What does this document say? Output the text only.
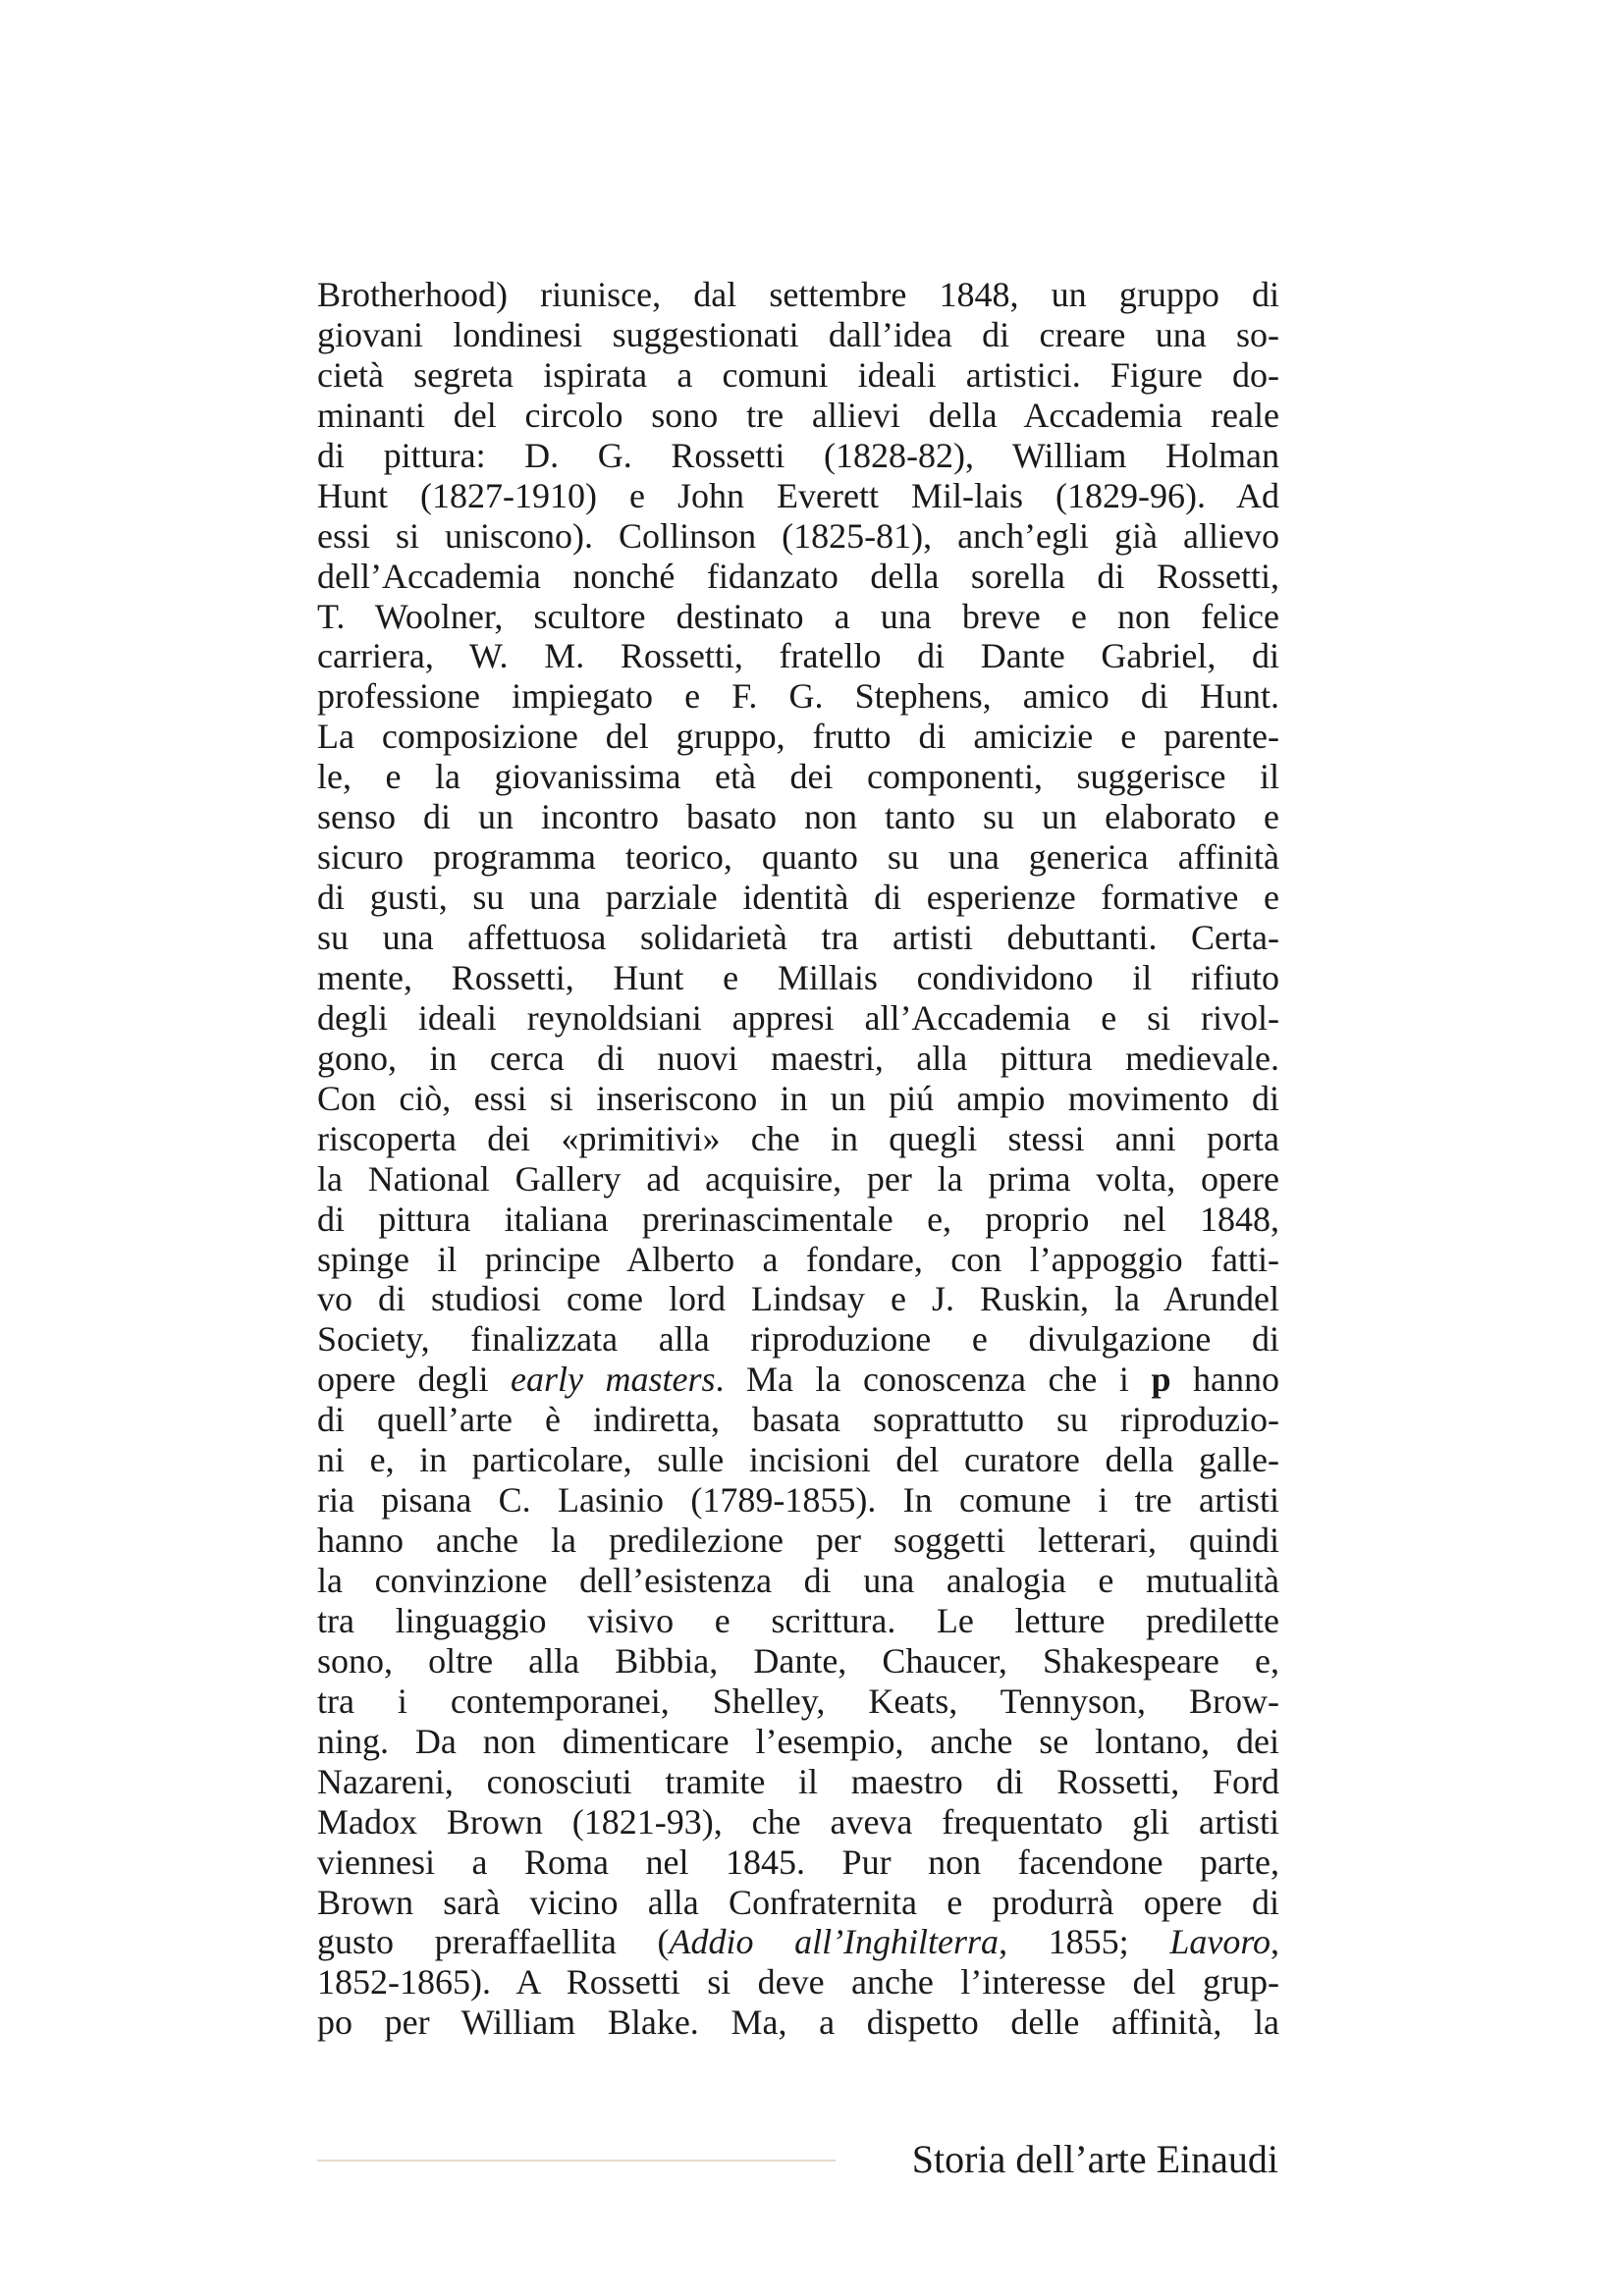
Brotherhood) riunisce, dal settembre 1848, un gruppo di
giovani londinesi suggestionati dall’idea di creare una so-
cietà segreta ispirata a comuni ideali artistici. Figure do-
minanti del circolo sono tre allievi della Accademia reale
di pittura: D. G. Rossetti (1828-82), William Holman
Hunt (1827-1910) e John Everett Mil-lais (1829-96). Ad
essi si uniscono). Collinson (1825-81), anch’egli già allievo
dell’Accademia nonché fidanzato della sorella di Rossetti,
T. Woolner, scultore destinato a una breve e non felice
carriera, W. M. Rossetti, fratello di Dante Gabriel, di
professione impiegato e F. G. Stephens, amico di Hunt.
La composizione del gruppo, frutto di amicizie e parente-
le, e la giovanissima età dei componenti, suggerisce il
senso di un incontro basato non tanto su un elaborato e
sicuro programma teorico, quanto su una generica affinità
di gusti, su una parziale identità di esperienze formative e
su una affettuosa solidarietà tra artisti debuttanti. Certa-
mente, Rossetti, Hunt e Millais condividono il rifiuto
degli ideali reynoldsiani appresi all’Accademia e si rivol-
gono, in cerca di nuovi maestri, alla pittura medievale.
Con ciò, essi si inseriscono in un piú ampio movimento di
riscoperta dei «primitivi» che in quegli stessi anni porta
la National Gallery ad acquisire, per la prima volta, opere
di pittura italiana prerinascimentale e, proprio nel 1848,
spinge il principe Alberto a fondare, con l’appoggio fatti-
vo di studiosi come lord Lindsay e J. Ruskin, la Arundel
Society, finalizzata alla riproduzione e divulgazione di
opere degli early masters. Ma la conoscenza che i p hanno
di quell’arte è indiretta, basata soprattutto su riproduzio-
ni e, in particolare, sulle incisioni del curatore della galle-
ria pisana C. Lasinio (1789-1855). In comune i tre artisti
hanno anche la predilezione per soggetti letterari, quindi
la convinzione dell’esistenza di una analogia e mutualità
tra linguaggio visivo e scrittura. Le letture predilette
sono, oltre alla Bibbia, Dante, Chaucer, Shakespeare e,
tra i contemporanei, Shelley, Keats, Tennyson, Brow-
ning. Da non dimenticare l’esempio, anche se lontano, dei
Nazareni, conosciuti tramite il maestro di Rossetti, Ford
Madox Brown (1821-93), che aveva frequentato gli artisti
viennesi a Roma nel 1845. Pur non facendone parte,
Brown sarà vicino alla Confraternita e produrrà opere di
gusto preraffaellita (Addio all’Inghilterra, 1855; Lavoro,
1852-1865). A Rossetti si deve anche l’interesse del grup-
po per William Blake. Ma, a dispetto delle affinità, la
Storia dell’arte Einaudi
